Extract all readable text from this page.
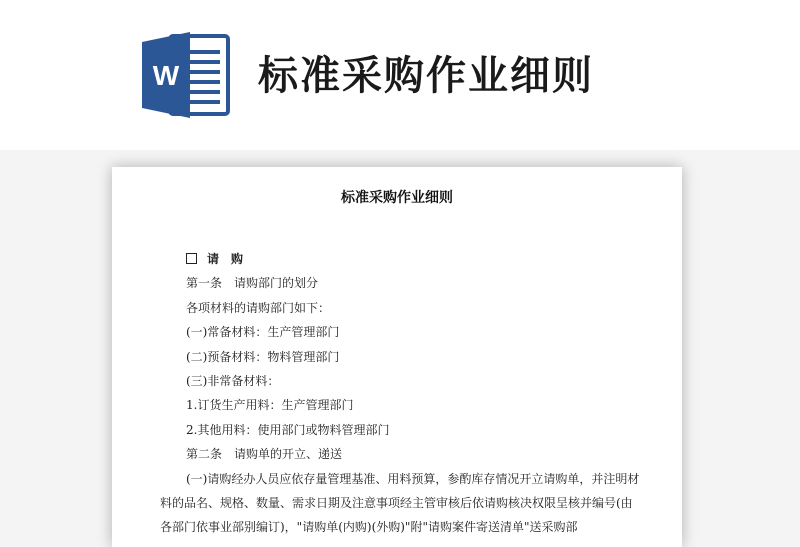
W 标准采购作业细则
标准采购作业细则
请　购
第一条　请购部门的划分
各项材料的请购部门如下：
(一)常备材料：生产管理部门
(二)预备材料：物料管理部门
(三)非常备材料：
1.订货生产用料：生产管理部门
2.其他用料：使用部门或物料管理部门
第二条　请购单的开立、递送
(一)请购经办人员应依存量管理基准、用料预算，参酌库存情况开立请购单，并注明材料的品名、规格、数量、需求日期及注意事项经主管审核后依请购核决权限呈核并编号(由各部门依事业部别编订)，"请购单(内购)(外购)"附"请购案件寄送清单"送采购部
